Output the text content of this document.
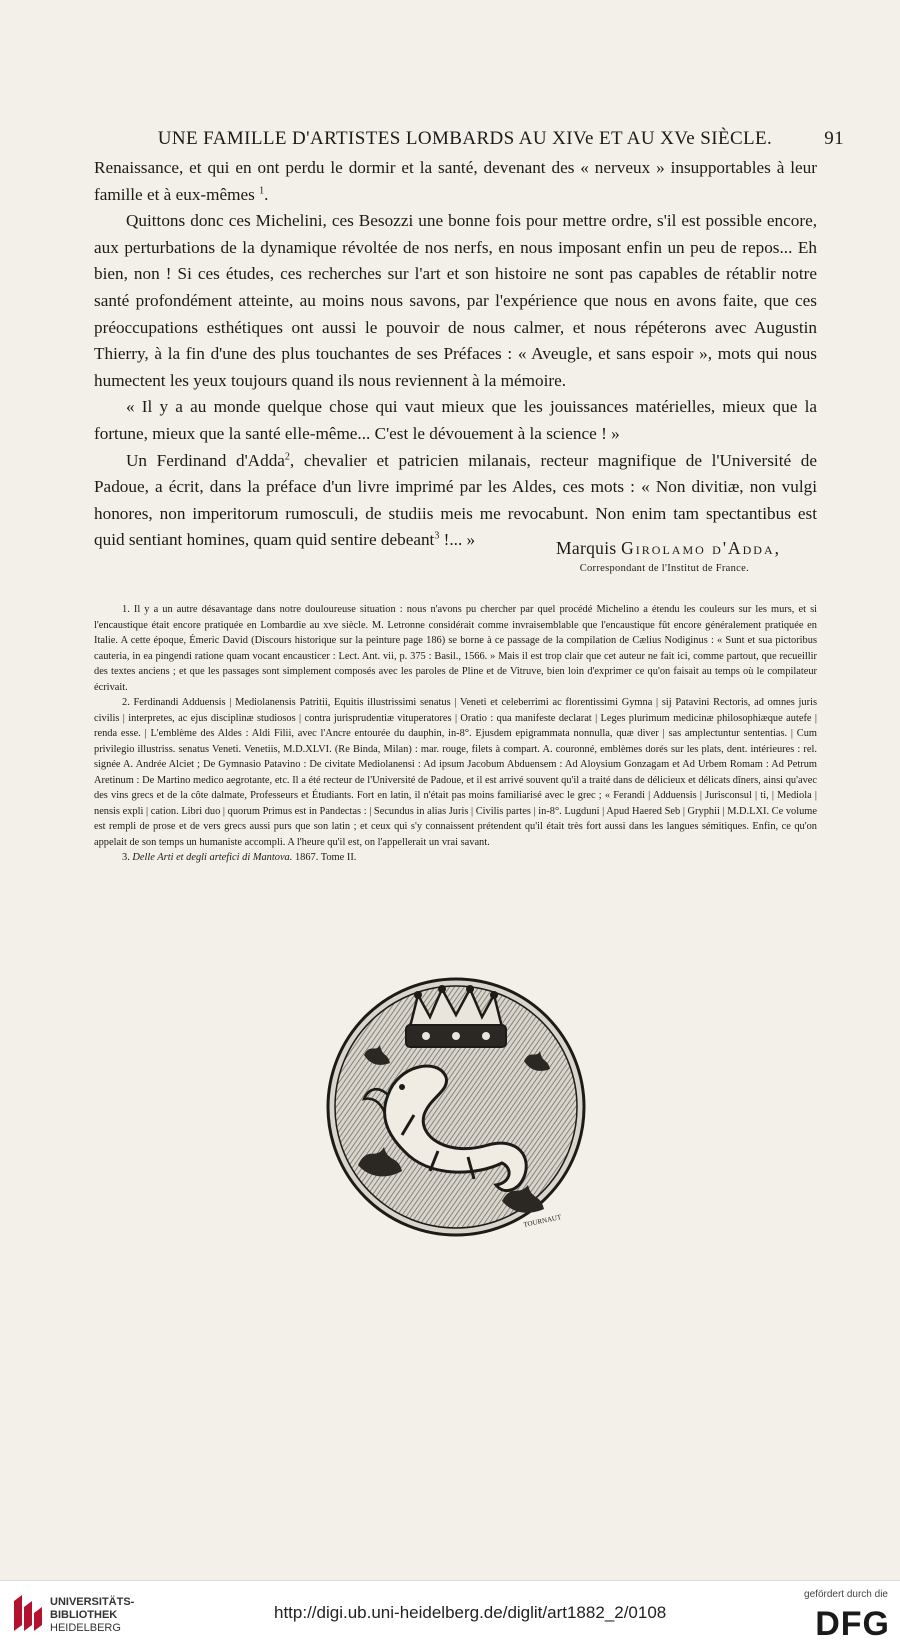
UNE FAMILLE D'ARTISTES LOMBARDS AU XIVe ET AU XVe SIÈCLE.	91

Renaissance, et qui en ont perdu le dormir et la santé, devenant des « nerveux » insupportables à leur famille et à eux-mêmes $^1$.

Quittons donc ces Michelini, ces Besozzi une bonne fois pour mettre ordre, s'il est possible encore, aux perturbations de la dynamique révoltée de nos nerfs, en nous imposant enfin un peu de repos... Eh bien, non ! Si ces études, ces recherches sur l'art et son histoire ne sont pas capables de rétablir notre santé profondément atteinte, au moins nous savons, par l'expérience que nous en avons faite, que ces préoccupations esthétiques ont aussi le pouvoir de nous calmer, et nous répéterons avec Augustin Thierry, à la fin d'une des plus touchantes de ses Préfaces : « Aveugle, et sans espoir », mots qui nous humectent les yeux toujours quand ils nous reviennent à la mémoire.

« Il y a au monde quelque chose qui vaut mieux que les jouissances matérielles, mieux que la fortune, mieux que la santé elle-même... C'est le dévouement à la science ! »

Un Ferdinand d'Adda$^2$, chevalier et patricien milanais, recteur magnifique de l'Université de Padoue, a écrit, dans la préface d'un livre imprimé par les Aldes, ces mots : « Non divitiæ, non vulgi honores, non imperitorum rumosculi, de studiis meis me revocabunt. Non enim tam spectantibus est quid sentiant homines, quam quid sentire debeant$^3$ !... »	Marquis Girolamo d'Adda,
Correspondant de l'Institut de France.

1. Il y a un autre désavantage dans notre douloureuse situation : nous n'avons pu chercher par quel procédé Michelino a étendu les couleurs sur les murs, et si l'encaustique était encore pratiquée en Lombardie au xve siècle. M. Letronne considérait comme invraisemblable que l'encaustique fût encore généralement pratiquée en Italie. A cette époque, Émeric David (Discours historique sur la peinture page 186) se borne à ce passage de la compilation de Cælius Nodiginus : « Sunt et sua pictoribus cauteria, in ea pingendi ratione quam vocant encausticer : Lect. Ant. vii, p. 375 : Basil., 1566. » Mais il est trop clair que cet auteur ne fait ici, comme partout, que recueillir des textes anciens ; et que les passages sont simplement composés avec les paroles de Pline et de Vitruve, bien loin d'exprimer ce qu'on faisait au temps où le compilateur écrivait.

2. Ferdinandi Adduensis | Mediolanensis Patritii, Equitis illustrissimi senatus | Veneti et celeberrimi ac florentissimi Gymna | sij Patavini Rectoris, ad omnes juris civilis | interpretes, ac ejus disciplinæ studiosos | contra jurisprudentiæ vituperatores | Oratio : qua manifeste declarat | Leges plurimum medicinæ philosophiæque autefe | renda esse. | L'emblème des Aldes : Aldi Filii, avec l'Ancre entourée du dauphin, in-8°. Ejusdem epigrammata nonnulla, quæ diver | sas amplectuntur sententias. | Cum privilegio illustriss. senatus Veneti. Venetiis, M.D.XLVI. (Re Binda, Milan) : mar. rouge, filets à compart. A. couronné, emblèmes dorés sur les plats, dent. intérieures : rel. signée A. Andrée Alciet ; De Gymnasio Patavino : De civitate Mediolanensi : Ad ipsum Jacobum Abduensem : Ad Aloysium Gonzagam et Ad Urbem Romam : Ad Petrum Aretinum : De Martino medico aegrotante, etc. Il a été recteur de l'Université de Padoue, et il est arrivé souvent qu'il a traité dans de délicieux et délicats dîners, ainsi qu'avec des vins grecs et de la côte dalmate, Professeurs et Étudiants. Fort en latin, il n'était pas moins familiarisé avec le grec ; « Ferandi | Adduensis | Jurisconsul | ti, | Mediola | nensis expli | cation. Libri duo | quorum Primus est in Pandectas : | Secundus in alias Juris | Civilis partes | in-8°. Lugduni | Apud Haered Seb | Gryphii | M.D.LXI. Ce volume est rempli de prose et de vers grecs aussi purs que son latin ; et ceux qui s'y connaissent prétendent qu'il était très fort aussi dans les langues sémitiques. Enfin, ce qu'on appelait de son temps un humaniste accompli. A l'heure qu'il est, on l'appellerait un vrai savant.

3. Delle Arti et degli artefici di Mantova. 1867. Tome II.

TOURNAUT
UNIVERSITÄTS-
BIBLIOTHEK
HEIDELBERG
http://digi.ub.uni-heidelberg.de/diglit/art1882_2/0108
gefördert durch die
DFG
